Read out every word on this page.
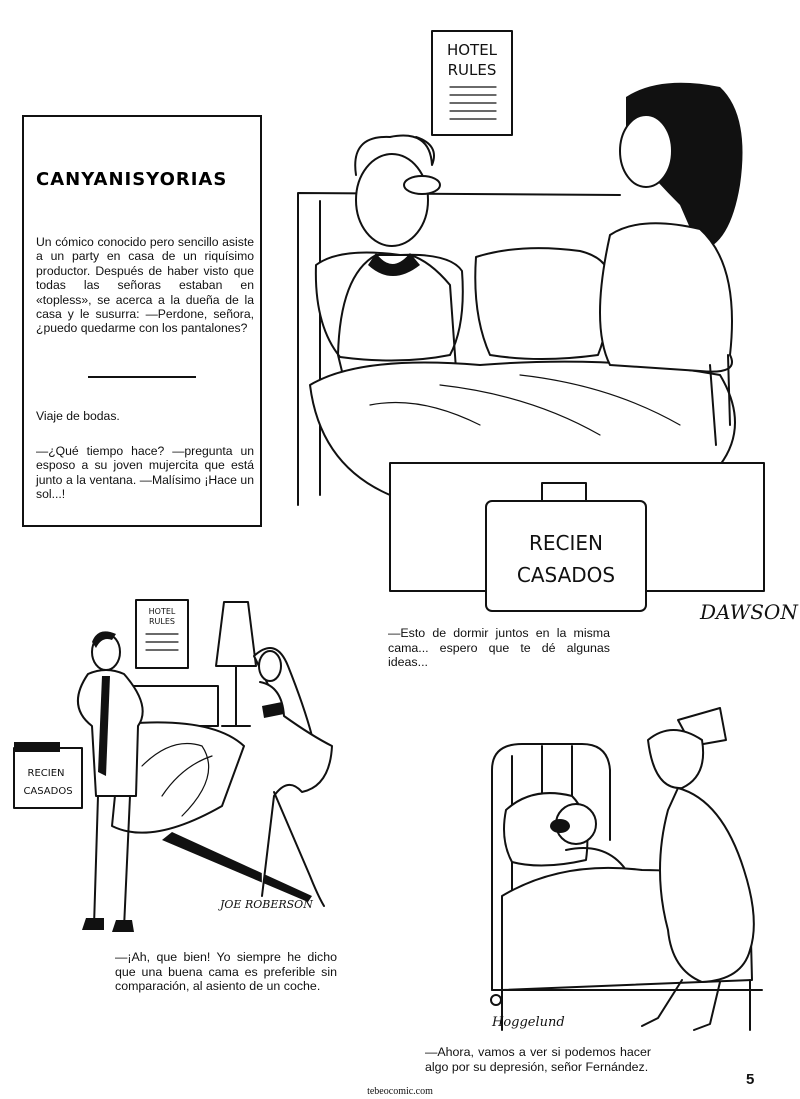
CANYANISYORIAS

Un cómico conocido pero sencillo asiste a un party en casa de un riquísimo productor. Después de haber visto que todas las señoras estaban en «topless», se acerca a la dueña de la casa y le susurra: —Perdone, señora, ¿puedo quedarme con los pantalones?

Viaje de bodas.

—¿Qué tiempo hace? —pregunta un esposo a su joven mujercita que está junto a la ventana. —Malísimo ¡Hace un sol...!

HOTEL
RULES
RECIEN
CASADOS
DAWSON

—Esto de dormir juntos en la misma cama... espero que te dé algunas ideas...

HOTEL
RULES
RECIEN
CASADOS
JOE ROBERSON

—¡Ah, que bien! Yo siempre he dicho que una buena cama es preferible sin comparación, al asiento de un coche.

Hoggelund

—Ahora, vamos a ver si podemos hacer algo por su depresión, señor Fernández.

5
tebeocomic.com
